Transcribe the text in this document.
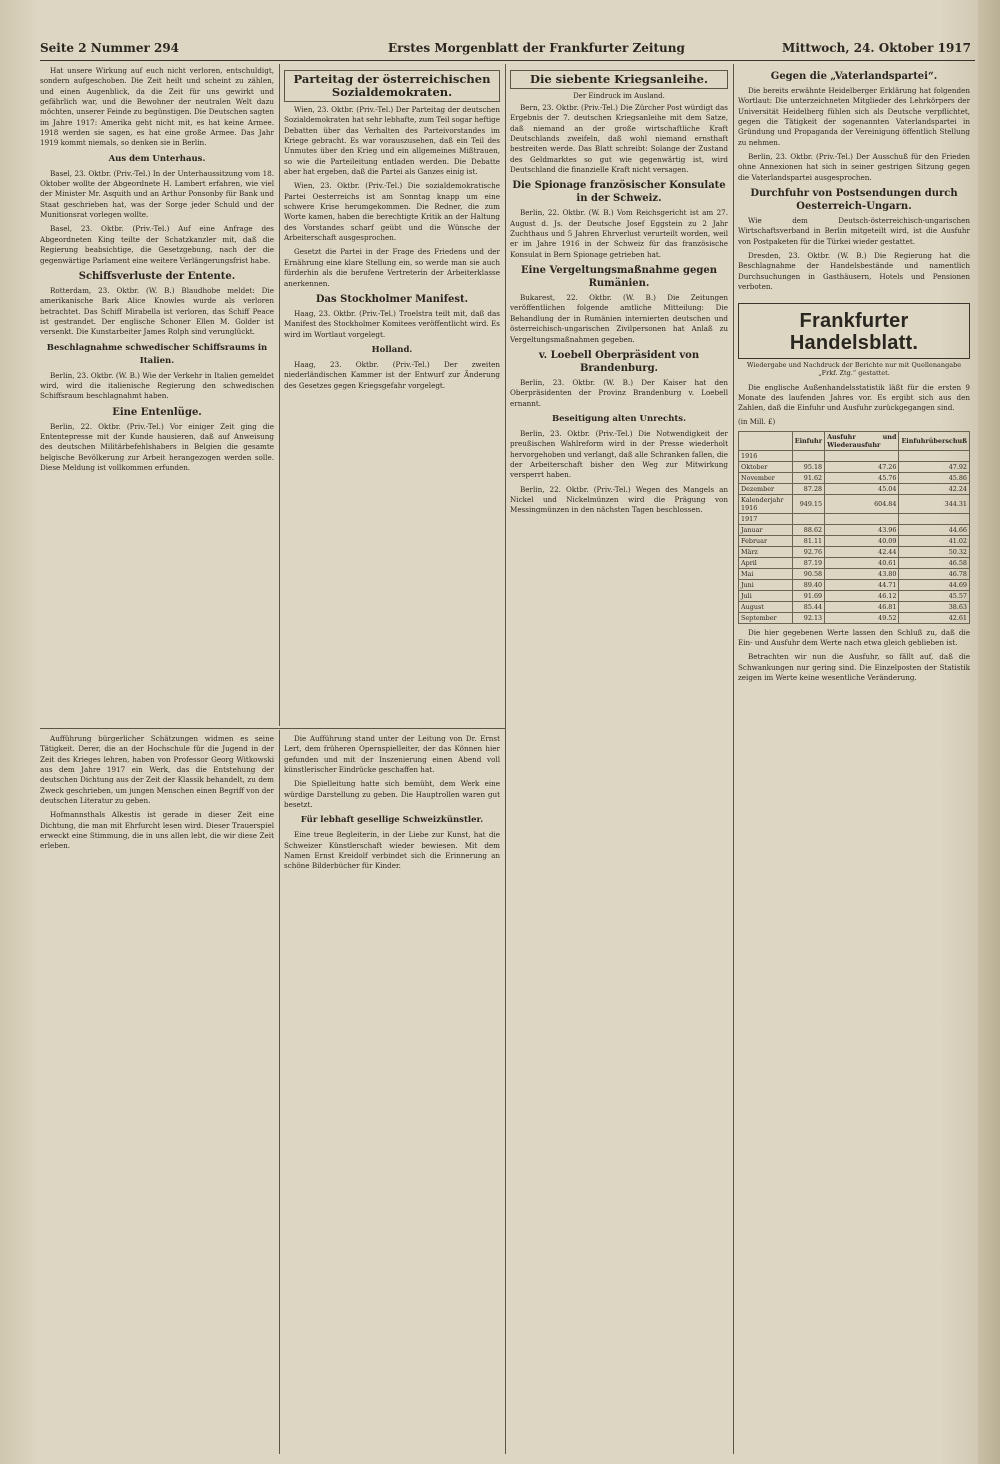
Seite 2 Nummer 294	Erstes Morgenblatt der Frankfurter Zeitung	Mittwoch, 24. Oktober 1917
Hat unsere Wirkung auf euch nicht verloren, entschuldigt, sondern aufgeschoben. Die Zeit heilt und scheint zu zählen, und einen Augenblick, da die Zeit für uns gewirkt und gefährlich war, und die Bewohner der neutralen Welt dazu möchten, unserer Feinde zu begünstigen. Die Deutschen sagten im Jahre 1917: Amerika geht nicht mit, es hat keine Armee. 1918 werden sie sagen, es hat eine große Armee. Das Jahr 1919 kommt niemals, so denken sie in Berlin.
Aus dem Unterhaus.
Basel, 23. Oktbr. (Priv.-Tel.) In der Unterhaussitzung vom 18. Oktober wollte der Abgeordnete H. Lambert erfahren, wie viel der Minister Mr. Asquith und an Arthur Ponsonby für Bank und Staat geschrieben hat, was der Sorge jeder Schuld und der Munitionsrat vorlegen wollte.
Basel, 23. Oktbr. (Priv.-Tel.) Auf eine Anfrage des Abgeordneten King teilte der Schatzkanzler mit, daß die Regierung beabsichtige, die Gesetzgebung, nach der die gegenwärtige Parlament eine weitere Verlängerungsfrist habe.
Schiffsverluste der Entente.
Rotterdam, 23. Oktbr. (W. B.) Blaudhobe meldet: Die amerikanische Bark Alice Knowles wurde als verloren betrachtet. Das Schiff Mirabella ist verloren, das Schiff Peace ist gestrandet. Der englische Schoner Ellen M. Golder ist versenkt. Die Kunstarbeiter James Rolph sind verunglückt.
Beschlagnahme schwedischer Schiffsraums in Italien.
Berlin, 23. Oktbr. (W. B.) Wie der Verkehr in Italien gemeldet wird, wird die italienische Regierung den schwedischen Schiffsraum beschlagnahmt haben.
Eine Entenlüge.
Berlin, 22. Oktbr. (Priv.-Tel.) Vor einiger Zeit ging die Ententepresse mit der Kunde hausieren, daß auf Anweisung des deutschen Militärbefehlshabers in Belgien die gesamte belgische Bevölkerung zur Arbeit herangezogen werden solle. Diese Meldung ist vollkommen erfunden.
Parteitag der österreichischen Sozialdemokraten.
Wien, 23. Oktbr. (Priv.-Tel.) Der Parteitag der deutschen Sozialdemokraten hat sehr lebhafte, zum Teil sogar heftige Debatten über das Verhalten des Parteivorstandes im Kriege gebracht. Es war vorauszusehen, daß ein Teil des Unmutes über den Krieg und ein allgemeines Mißtrauen, so wie die Parteileitung entladen werden. Die Debatte aber hat ergeben, daß die Partei als Ganzes einig ist.
Wien, 23. Oktbr. (Priv.-Tel.) Die sozialdemokratische Partei Oesterreichs ist am Sonntag knapp um eine schwere Krise herumgekommen. Die Redner, die zum Worte kamen, haben die berechtigte Kritik an der Haltung des Vorstandes scharf geübt und die Wünsche der Arbeiterschaft ausgesprochen.
Gesetzt die Partei in der Frage des Friedens und der Ernährung eine klare Stellung ein, so werde man sie auch fürderhin als die berufene Vertreterin der Arbeiterklasse anerkennen.
Das Stockholmer Manifest.
Haag, 23. Oktbr. (Priv.-Tel.) Troelstra teilt mit, daß das Manifest des Stockholmer Komitees veröffentlicht wird. Es wird im Wortlaut vorgelegt.
Holland.
Haag, 23. Oktbr. (Priv.-Tel.) Der zweiten niederländischen Kammer ist der Entwurf zur Änderung des Gesetzes gegen Kriegsgefahr vorgelegt.
Die siebente Kriegsanleihe.
Der Eindruck im Ausland.
Bern, 23. Oktbr. (Priv.-Tel.) Die Zürcher Post würdigt das Ergebnis der 7. deutschen Kriegsanleihe mit dem Satze, daß niemand an der große wirtschaftliche Kraft Deutschlands zweifeln, daß wohl niemand ernsthaft bestreiten werde. Das Blatt schreibt: Solange der Zustand des Geldmarktes so gut wie gegenwärtig ist, wird Deutschland die finanzielle Kraft nicht versagen.
Die Spionage französischer Konsulate in der Schweiz.
Berlin, 22. Oktbr. (W. B.) Vom Reichsgericht ist am 27. August d. Js. der Deutsche Josef Eggstein zu 2 Jahr Zuchthaus und 5 Jahren Ehrverlust verurteilt worden, weil er im Jahre 1916 in der Schweiz für das französische Konsulat in Bern Spionage getrieben hat.
Eine Vergeltungsmaßnahme gegen Rumänien.
Bukarest, 22. Oktbr. (W. B.) Die Zeitungen veröffentlichen folgende amtliche Mitteilung: Die Behandlung der in Rumänien internierten deutschen und österreichisch-ungarischen Zivilpersonen hat Anlaß zu Vergeltungsmaßnahmen gegeben.
v. Loebell Oberpräsident von Brandenburg.
Berlin, 23. Oktbr. (W. B.) Der Kaiser hat den Oberpräsidenten der Provinz Brandenburg v. Loebell ernannt.
Beseitigung alten Unrechts.
Berlin, 23. Oktbr. (Priv.-Tel.) Die Notwendigkeit der preußischen Wahlreform wird in der Presse wiederholt hervorgehoben und verlangt, daß alle Schranken fallen, die der Arbeiterschaft bisher den Weg zur Mitwirkung versperrt haben.
Berlin, 22. Oktbr. (Priv.-Tel.) Wegen des Mangels an Nickel und Nickelmünzen wird die Prägung von Messingmünzen in den nächsten Tagen beschlossen.
Gegen die „Vaterlandspartei“.
Die bereits erwähnte Heidelberger Erklärung hat folgenden Wortlaut: Die unterzeichneten Mitglieder des Lehrkörpers der Universität Heidelberg fühlen sich als Deutsche verpflichtet, gegen die Tätigkeit der sogenannten Vaterlandspartei in Gründung und Propaganda der Vereinigung öffentlich Stellung zu nehmen.
Berlin, 23. Oktbr. (Priv.-Tel.) Der Ausschuß für den Frieden ohne Annexionen hat sich in seiner gestrigen Sitzung gegen die Vaterlandspartei ausgesprochen.
Durchfuhr von Postsendungen durch Oesterreich-Ungarn.
Wie dem Deutsch-österreichisch-ungarischen Wirtschaftsverband in Berlin mitgeteilt wird, ist die Ausfuhr von Postpaketen für die Türkei wieder gestattet.
Dresden, 23. Oktbr. (W. B.) Die Regierung hat die Beschlagnahme der Handelsbestände und namentlich Durchsuchungen in Gasthäusern, Hotels und Pensionen verboten.
Frankfurter Handelsblatt.
Wiedergabe und Nachdruck der Berichte nur mit Quellenangabe „Frkf. Ztg.“ gestattet.
Die englische Außenhandelsstatistik läßt für die ersten 9 Monate des laufenden Jahres vor. Es ergibt sich aus den Zahlen, daß die Einfuhr und Ausfuhr zurückgegangen sind.
(in Mill. £)
	Einfuhr	Ausfuhr und Wiederausfuhr	Einfuhrüberschuß
1916			
Oktober	95.18	47.26	47.92
November	91.62	45.76	45.86
Dezember	87.28	45.04	42.24
Kalenderjahr 1916	949.15	604.84	344.31
1917			
Januar	88.62	43.96	44.66
Februar	81.11	40.09	41.02
März	92.76	42.44	50.32
April	87.19	40.61	46.58
Mai	90.58	43.80	46.78
Juni	89.40	44.71	44.69
Juli	91.69	46.12	45.57
August	85.44	46.81	38.63
September	92.13	49.52	42.61
Die hier gegebenen Werte lassen den Schluß zu, daß die Ein- und Ausfuhr dem Werte nach etwa gleich geblieben ist.
Betrachten wir nun die Ausfuhr, so fällt auf, daß die Schwankungen nur gering sind. Die Einzelposten der Statistik zeigen im Werte keine wesentliche Veränderung.
Aufführung bürgerlicher Schätzungen widmen es seine Tätigkeit. Derer, die an der Hochschule für die Jugend in der Zeit des Krieges lehren, haben von Professor Georg Witkowski aus dem Jahre 1917 ein Werk, das die Entstehung der deutschen Dichtung aus der Zeit der Klassik behandelt, zu dem Zweck geschrieben, um jungen Menschen einen Begriff von der deutschen Literatur zu geben.
Hofmannsthals Alkestis ist gerade in dieser Zeit eine Dichtung, die man mit Ehrfurcht lesen wird. Dieser Trauerspiel erweckt eine Stimmung, die in uns allen lebt, die wir diese Zeit erleben.
Die Aufführung stand unter der Leitung von Dr. Ernst Lert, dem früheren Opernspielleiter, der das Können hier gefunden und mit der Inszenierung einen Abend voll künstlerischer Eindrücke geschaffen hat.
Die Spielleitung hatte sich bemüht, dem Werk eine würdige Darstellung zu geben. Die Hauptrollen waren gut besetzt.
Für lebhaft gesellige Schweizkünstler.
Eine treue Begleiterin, in der Liebe zur Kunst, hat die Schweizer Künstlerschaft wieder bewiesen. Mit dem Namen Ernst Kreidolf verbindet sich die Erinnerung an schöne Bilderbücher für Kinder.
